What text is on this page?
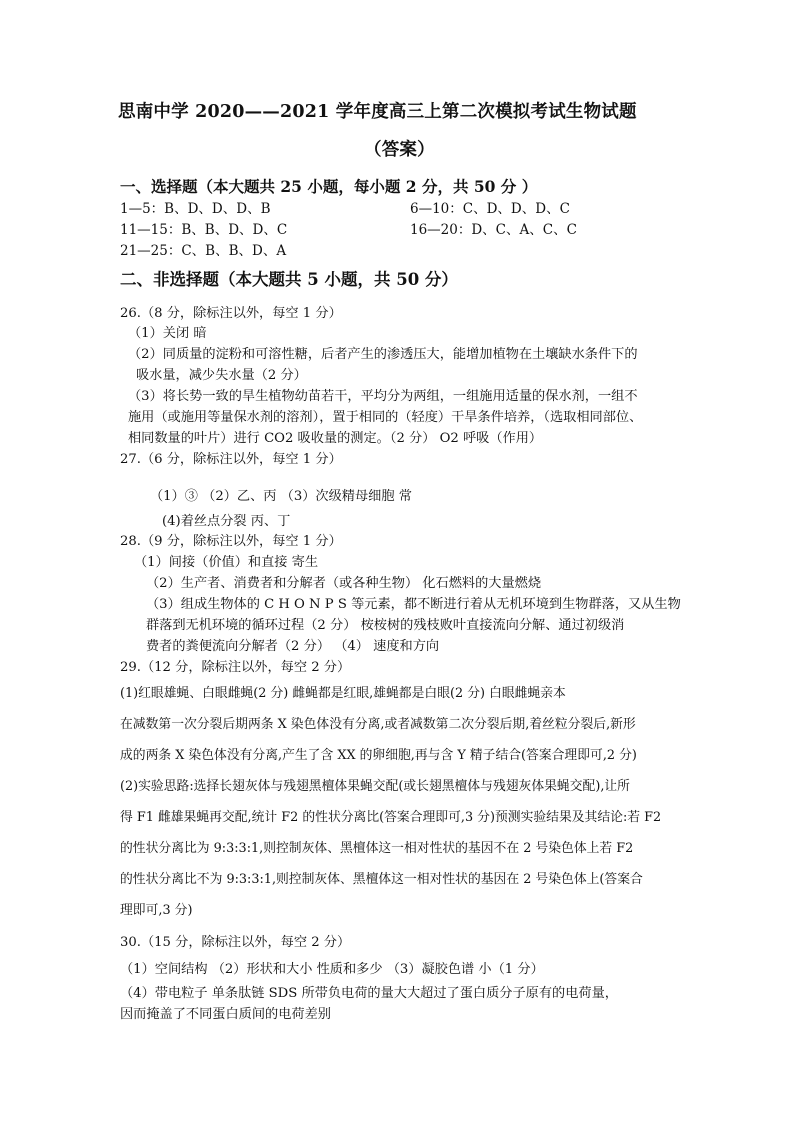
思南中学 2020——2021 学年度高三上第二次模拟考试生物试题
（答案）
一、选择题（本大题共 25 小题，每小题 2 分，共 50 分 ）
1—5：B、D、D、D、B	6—10：C、D、D、D、C
11—15：B、B、D、D、C	16—20：D、C、A、C、C
21—25：C、B、B、D、A
二、非选择题（本大题共 5 小题，共 50 分）
26.（8 分，除标注以外，每空 1 分）
（1）关闭 暗
（2）同质量的淀粉和可溶性糖，后者产生的渗透压大，能增加植物在土壤缺水条件下的
吸水量，减少失水量（2 分）
（3）将长势一致的旱生植物幼苗若干，平均分为两组，一组施用适量的保水剂，一组不
施用（或施用等量保水剂的溶剂），置于相同的（轻度）干旱条件培养，（选取相同部位、
相同数量的叶片）进行 CO2 吸收量的测定。（2 分） O2 呼吸（作用）
27.（6 分，除标注以外，每空 1 分）
（1）③ （2）乙、丙 （3）次级精母细胞 常
(4)着丝点分裂 丙、丁
28.（9 分，除标注以外，每空 1 分）
（1）间接（价值）和直接 寄生
（2）生产者、消费者和分解者（或各种生物） 化石燃料的大量燃烧
（3）组成生物体的 C H O N P S 等元素，都不断进行着从无机环境到生物群落，又从生物
群落到无机环境的循环过程（2 分） 桉桉树的残枝败叶直接流向分解、通过初级消
费者的粪便流向分解者（2 分） （4） 速度和方向
29.（12 分，除标注以外，每空 2 分）
(1)红眼雄蝇、白眼雌蝇(2 分) 雌蝇都是红眼,雄蝇都是白眼(2 分) 白眼雌蝇亲本
在减数第一次分裂后期两条 X 染色体没有分离,或者减数第二次分裂后期,着丝粒分裂后,新形
成的两条 X 染色体没有分离,产生了含 XX 的卵细胞,再与含 Y 精子结合(答案合理即可,2 分)
(2)实验思路:选择长翅灰体与残翅黑檀体果蝇交配(或长翅黑檀体与残翅灰体果蝇交配),让所
得 F1 雌雄果蝇再交配,统计 F2 的性状分离比(答案合理即可,3 分)预测实验结果及其结论:若 F2
的性状分离比为 9:3:3:1,则控制灰体、黑檀体这一相对性状的基因不在 2 号染色体上若 F2
的性状分离比不为 9:3:3:1,则控制灰体、黑檀体这一相对性状的基因在 2 号染色体上(答案合
理即可,3 分)
30.（15 分，除标注以外，每空 2 分）
（1）空间结构 （2）形状和大小 性质和多少 （3）凝胶色谱 小（1 分）
（4）带电粒子 单条肽链 SDS 所带负电荷的量大大超过了蛋白质分子原有的电荷量，
因而掩盖了不同蛋白质间的电荷差别
